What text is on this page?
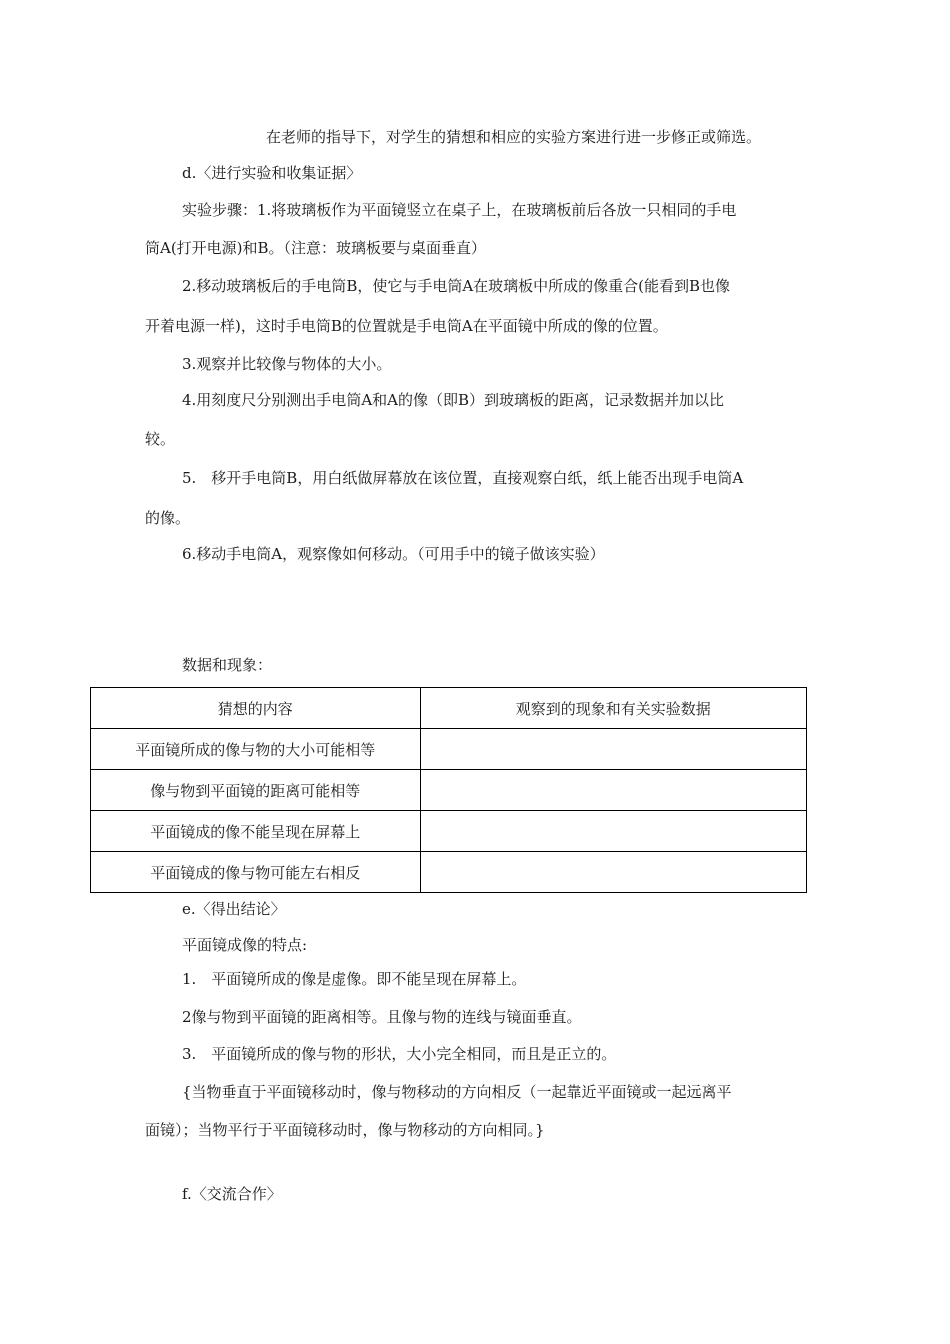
在老师的指导下，对学生的猜想和相应的实验方案进行进一步修正或筛选。
d.〈进行实验和收集证据〉
实验步骤：1.将玻璃板作为平面镜竖立在桌子上，在玻璃板前后各放一只相同的手电
筒A(打开电源)和B。（注意：玻璃板要与桌面垂直）
2.移动玻璃板后的手电筒B，使它与手电筒A在玻璃板中所成的像重合(能看到B也像
开着电源一样)，这时手电筒B的位置就是手电筒A在平面镜中所成的像的位置。
3.观察并比较像与物体的大小。
4.用刻度尺分别测出手电筒A和A的像（即B）到玻璃板的距离，记录数据并加以比
较。
5.　移开手电筒B，用白纸做屏幕放在该位置，直接观察白纸，纸上能否出现手电筒A
的像。
6.移动手电筒A，观察像如何移动。（可用手中的镜子做该实验）
数据和现象：
猜想的内容	观察到的现象和有关实验数据
平面镜所成的像与物的大小可能相等	
像与物到平面镜的距离可能相等	
平面镜成的像不能呈现在屏幕上	
平面镜成的像与物可能左右相反	
e.〈得出结论〉
平面镜成像的特点:
1.　平面镜所成的像是虚像。即不能呈现在屏幕上。
2像与物到平面镜的距离相等。且像与物的连线与镜面垂直。
3.　平面镜所成的像与物的形状，大小完全相同，而且是正立的。
{当物垂直于平面镜移动时，像与物移动的方向相反（一起靠近平面镜或一起远离平
面镜）；当物平行于平面镜移动时，像与物移动的方向相同。}
f.〈交流合作〉
